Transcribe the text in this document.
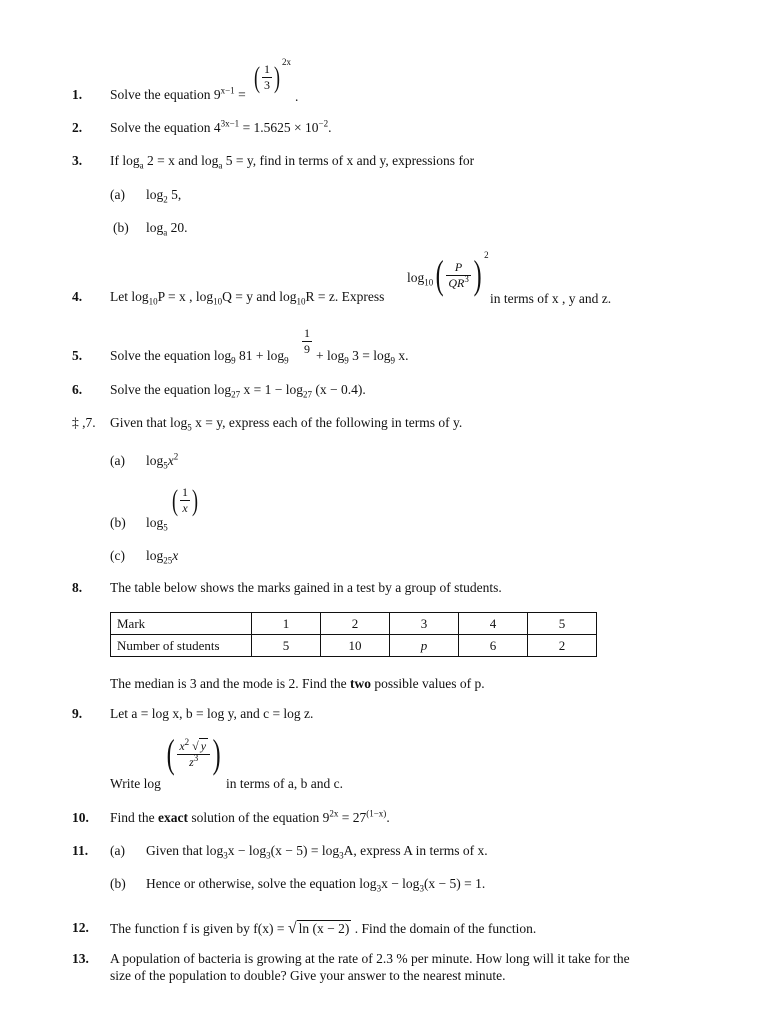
1. Solve the equation $9^{x-1}$ =
( $\frac{1}{3}$ ) $^{2x}$
.
2. Solve the equation $4^{3x-1} = 1.5625 \times 10^{-2}$.
3. If $\log_a 2 = x$ and $\log_a 5 = y$, find in terms of x and y, expressions for
(a) $\log_2 5$,
(b) $\log_a 20$.
4. Let $\log_{10}P = x$ , $\log_{10}Q = y$ and $\log_{10}R = z$. Express
$\log_{10}$ ( $\frac{P}{QR^3}$ ) $^2$
in terms of x , y and z.
5. Solve the equation $\log_9 81 + \log_9$
$\frac{1}{9} + \log_9 3 = \log_9 x$.
6. Solve the equation $\log_{27} x = 1 - \log_{27} (x - 0.4)$.
‡ ,7. Given that $\log_5 x = y$, express each of the following in terms of y.
(a) $\log_5x^2$
(b) $\log_5$
( $\frac{1}{x}$ )
(c) $\log_{25}x$
8. The table below shows the marks gained in a test by a group of students.
Mark	1	2	3	4	5
Number of students	5	10	p	6	2
The median is 3 and the mode is 2. Find the two possible values of p.
9. Let a = log x, b = log y, and c = log z.
Write log
( $\frac{x^2 √ y}{z^3}$ )
in terms of a, b and c.
10. Find the exact solution of the equation $9^{2x} = 27^{(1-x)}$.
11. (a) Given that $\log_3x - \log_3(x - 5) = \log_3A$, express A in terms of x.
(b) Hence or otherwise, solve the equation $\log_3x - \log_3(x - 5) = 1$.
12. The function f is given by f(x) = √ ln (x − 2) . Find the domain of the function.
13. A population of bacteria is growing at the rate of 2.3 % per minute. How long will it take for the
size of the population to double? Give your answer to the nearest minute.
